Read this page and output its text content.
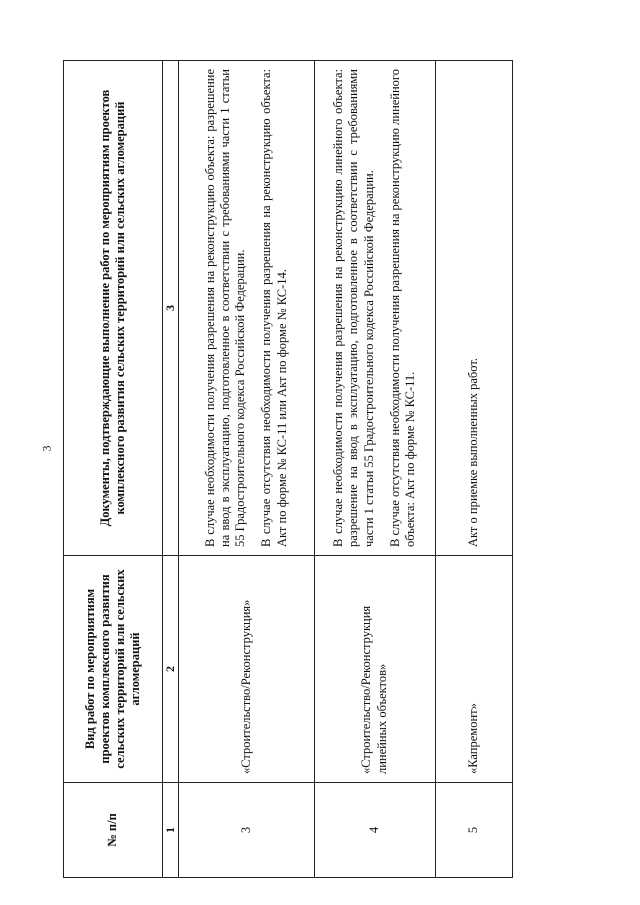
3
№ п/п	Вид работ по мероприятиям проектов комплексного развития сельских территорий или сельских агломераций	Документы, подтверждающие выполнение работ по мероприятиям проектов комплексного развития сельских территорий или сельских агломераций
1	2	3
3	«Строительство/Реконструкция»	В случае необходимости получения разрешения на реконструкцию объекта: разрешение на ввод в эксплуатацию, подготовленное в соответствии с требованиями части 1 статьи 55 Градостроительного кодекса Российской Федерации. В случае отсутствия необходимости получения разрешения на реконструкцию объекта: Акт по форме № КС-11 или Акт по форме № КС-14.

4	«Строительство/Реконструкция линейных объектов»	В случае необходимости получения разрешения на реконструкцию линейного объекта: разрешение на ввод в эксплуатацию, подготовленное в соответствии с требованиями части 1 статьи 55 Градостроительного кодекса Российской Федерации. В случае отсутствия необходимости получения разрешения на реконструкцию линейного объекта: Акт по форме № КС-11.

5	«Капремонт»	Акт о приемке выполненных работ.
